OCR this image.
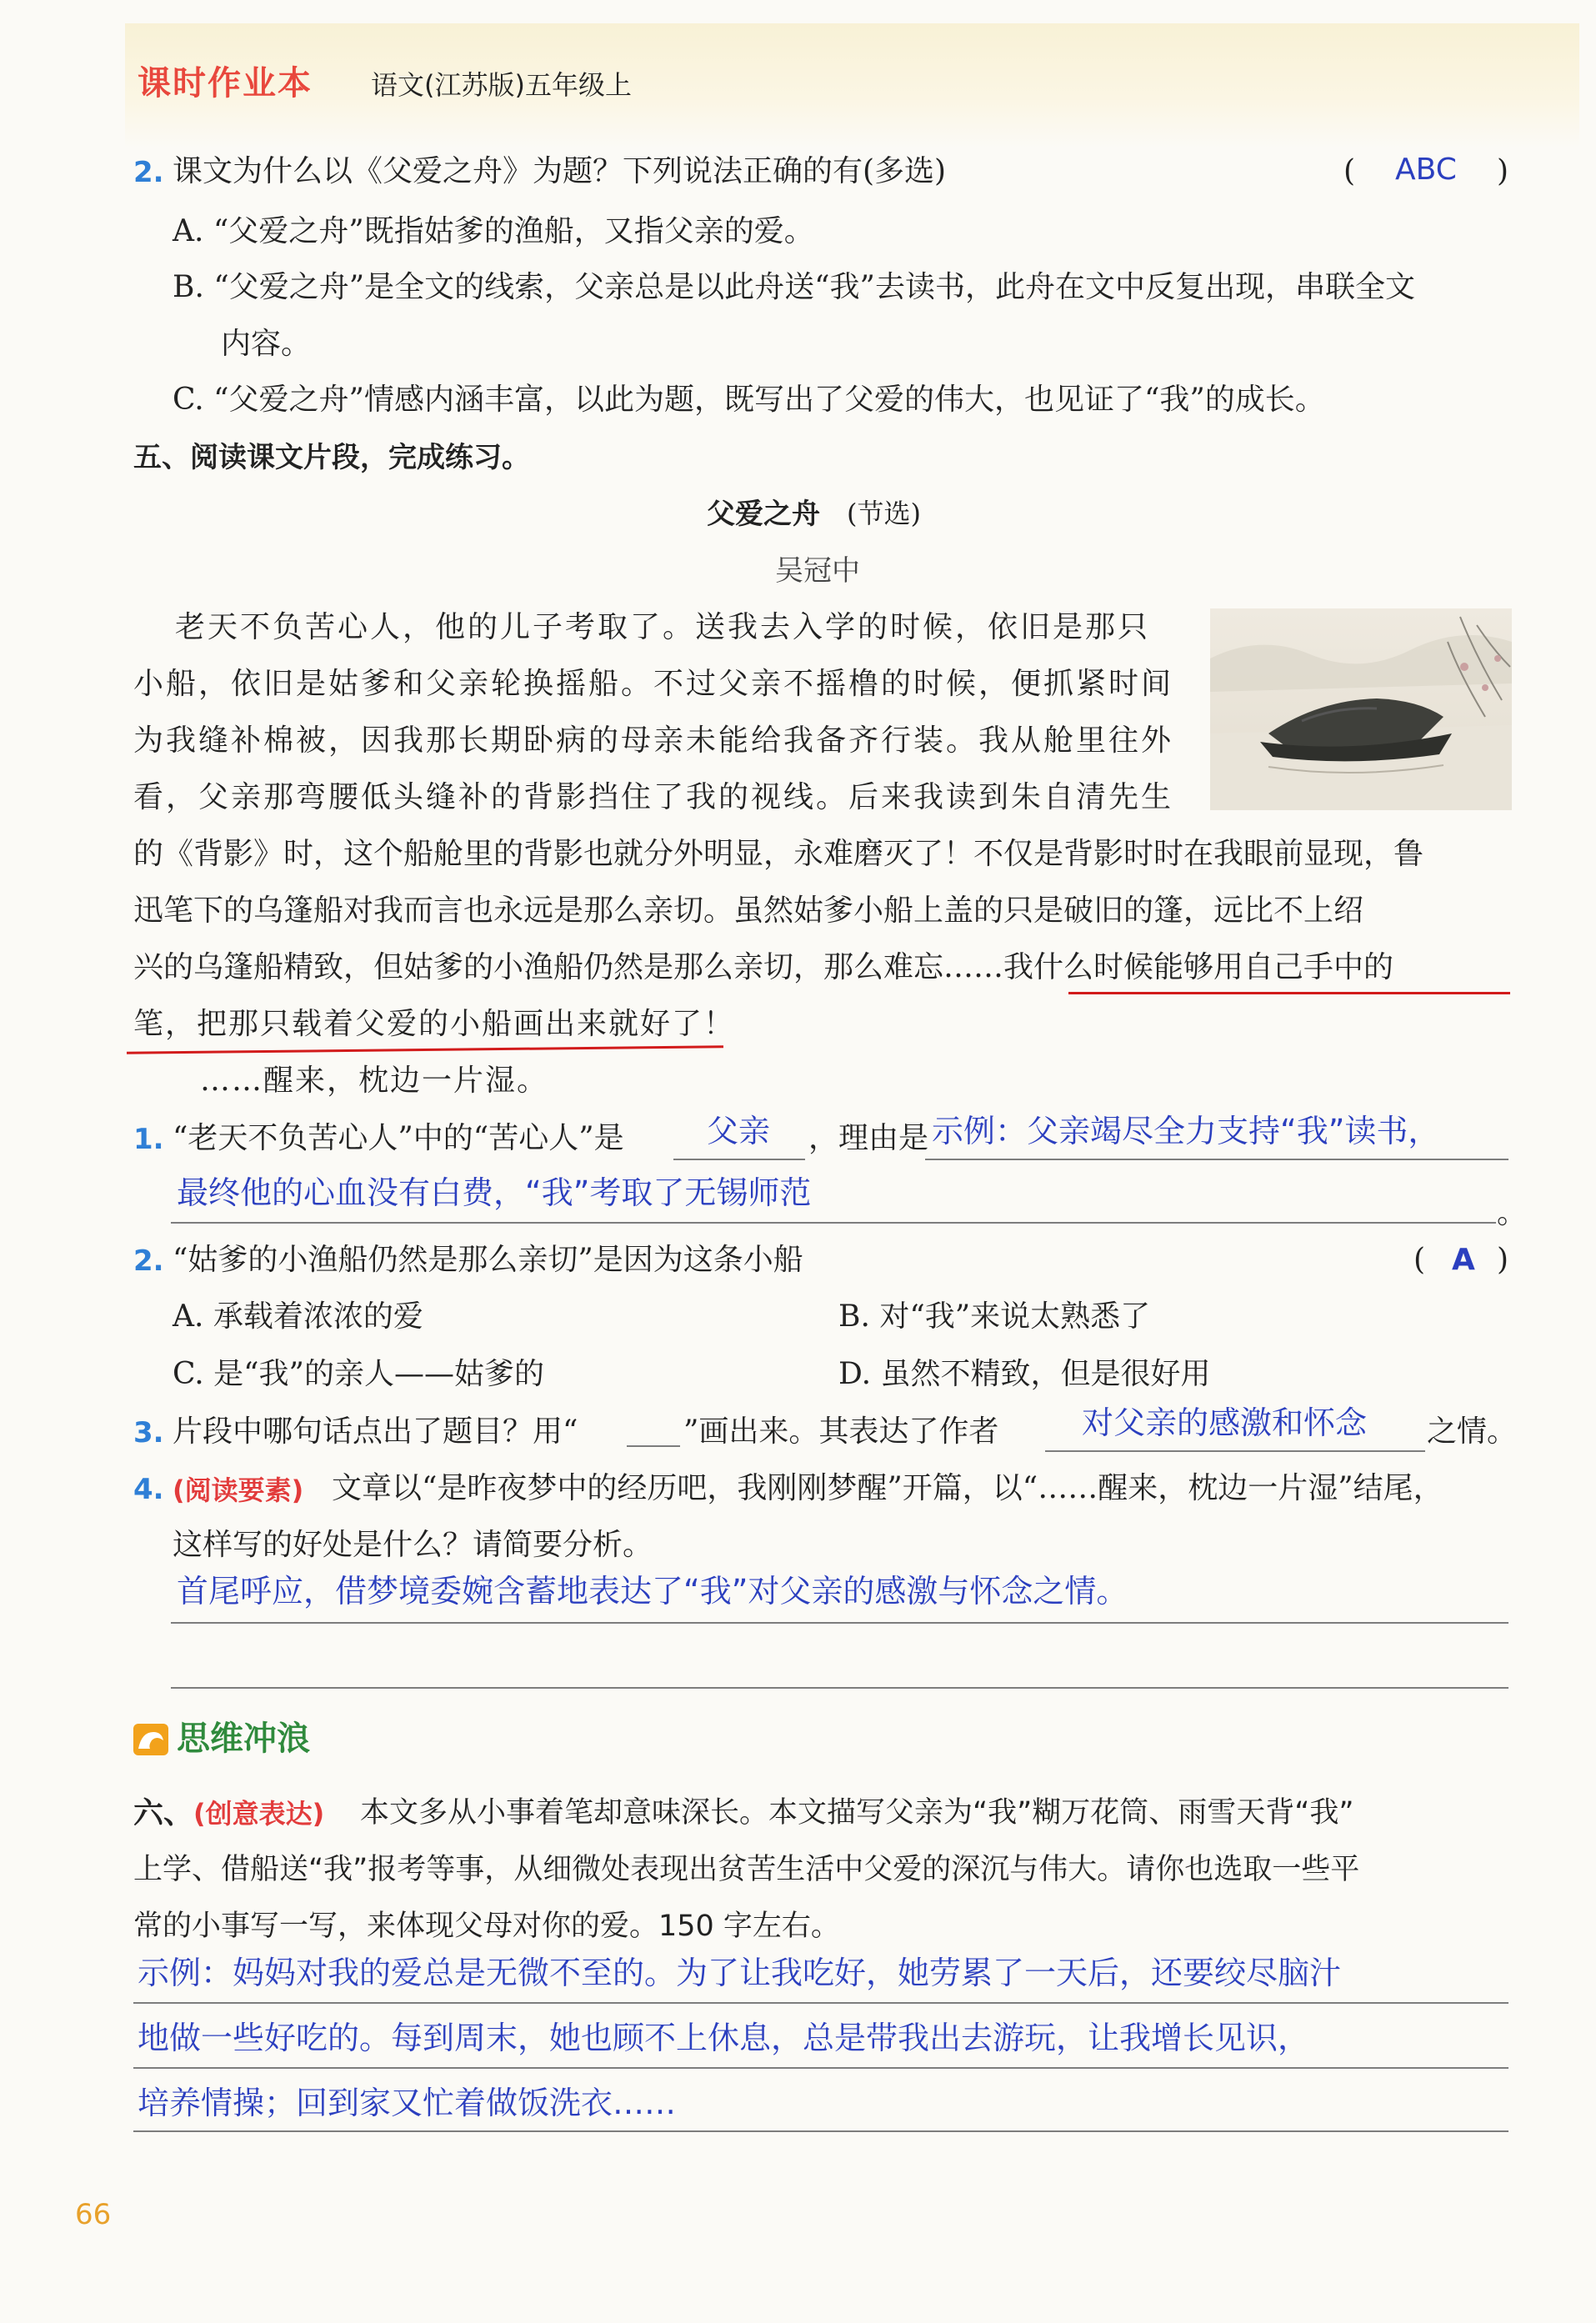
课时作业本 语文(江苏版)五年级上
2. 课文为什么以《父爱之舟》为题？下列说法正确的有(多选)	( ABC )
A. “父爱之舟”既指姑爹的渔船，又指父亲的爱。
B. “父爱之舟”是全文的线索，父亲总是以此舟送“我”去读书，此舟在文中反复出现，串联全文
内容。
C. “父爱之舟”情感内涵丰富，以此为题，既写出了父爱的伟大，也见证了“我”的成长。
五、阅读课文片段，完成练习。
父爱之舟 (节选)
吴冠中
老天不负苦心人，他的儿子考取了。送我去入学的时候，依旧是那只
小船，依旧是姑爹和父亲轮换摇船。不过父亲不摇橹的时候，便抓紧时间
为我缝补棉被，因我那长期卧病的母亲未能给我备齐行装。我从舱里往外
看，父亲那弯腰低头缝补的背影挡住了我的视线。后来我读到朱自清先生
的《背影》时，这个船舱里的背影也就分外明显，永难磨灭了！不仅是背影时时在我眼前显现，鲁
迅笔下的乌篷船对我而言也永远是那么亲切。虽然姑爹小船上盖的只是破旧的篷，远比不上绍
兴的乌篷船精致，但姑爹的小渔船仍然是那么亲切，那么难忘……我什么时候能够用自己手中的
笔，把那只载着父爱的小船画出来就好了！
……醒来，枕边一片湿。
1. “老天不负苦心人”中的“苦心人”是	父亲 ，理由是 示例：父亲竭尽全力支持“我”读书，
最终他的心血没有白费，“我”考取了无锡师范
。
2. “姑爹的小渔船仍然是那么亲切”是因为这条小船	( A )
A. 承载着浓浓的爱	B. 对“我”来说太熟悉了
C. 是“我”的亲人——姑爹的	D. 虽然不精致，但是很好用
3. 片段中哪句话点出了题目？用“	”画出来。其表达了作者	对父亲的感激和怀念 之情。
4. (阅读要素) 文章以“是昨夜梦中的经历吧，我刚刚梦醒”开篇，以“……醒来，枕边一片湿”结尾，
这样写的好处是什么？请简要分析。
首尾呼应，借梦境委婉含蓄地表达了“我”对父亲的感激与怀念之情。
思维冲浪
六、 (创意表达) 本文多从小事着笔却意味深长。本文描写父亲为“我”糊万花筒、雨雪天背“我”
上学、借船送“我”报考等事，从细微处表现出贫苦生活中父爱的深沉与伟大。请你也选取一些平
常的小事写一写，来体现父母对你的爱。150 字左右。
示例：妈妈对我的爱总是无微不至的。为了让我吃好，她劳累了一天后，还要绞尽脑汁
地做一些好吃的。每到周末，她也顾不上休息，总是带我出去游玩，让我增长见识，
培养情操；回到家又忙着做饭洗衣……
66
